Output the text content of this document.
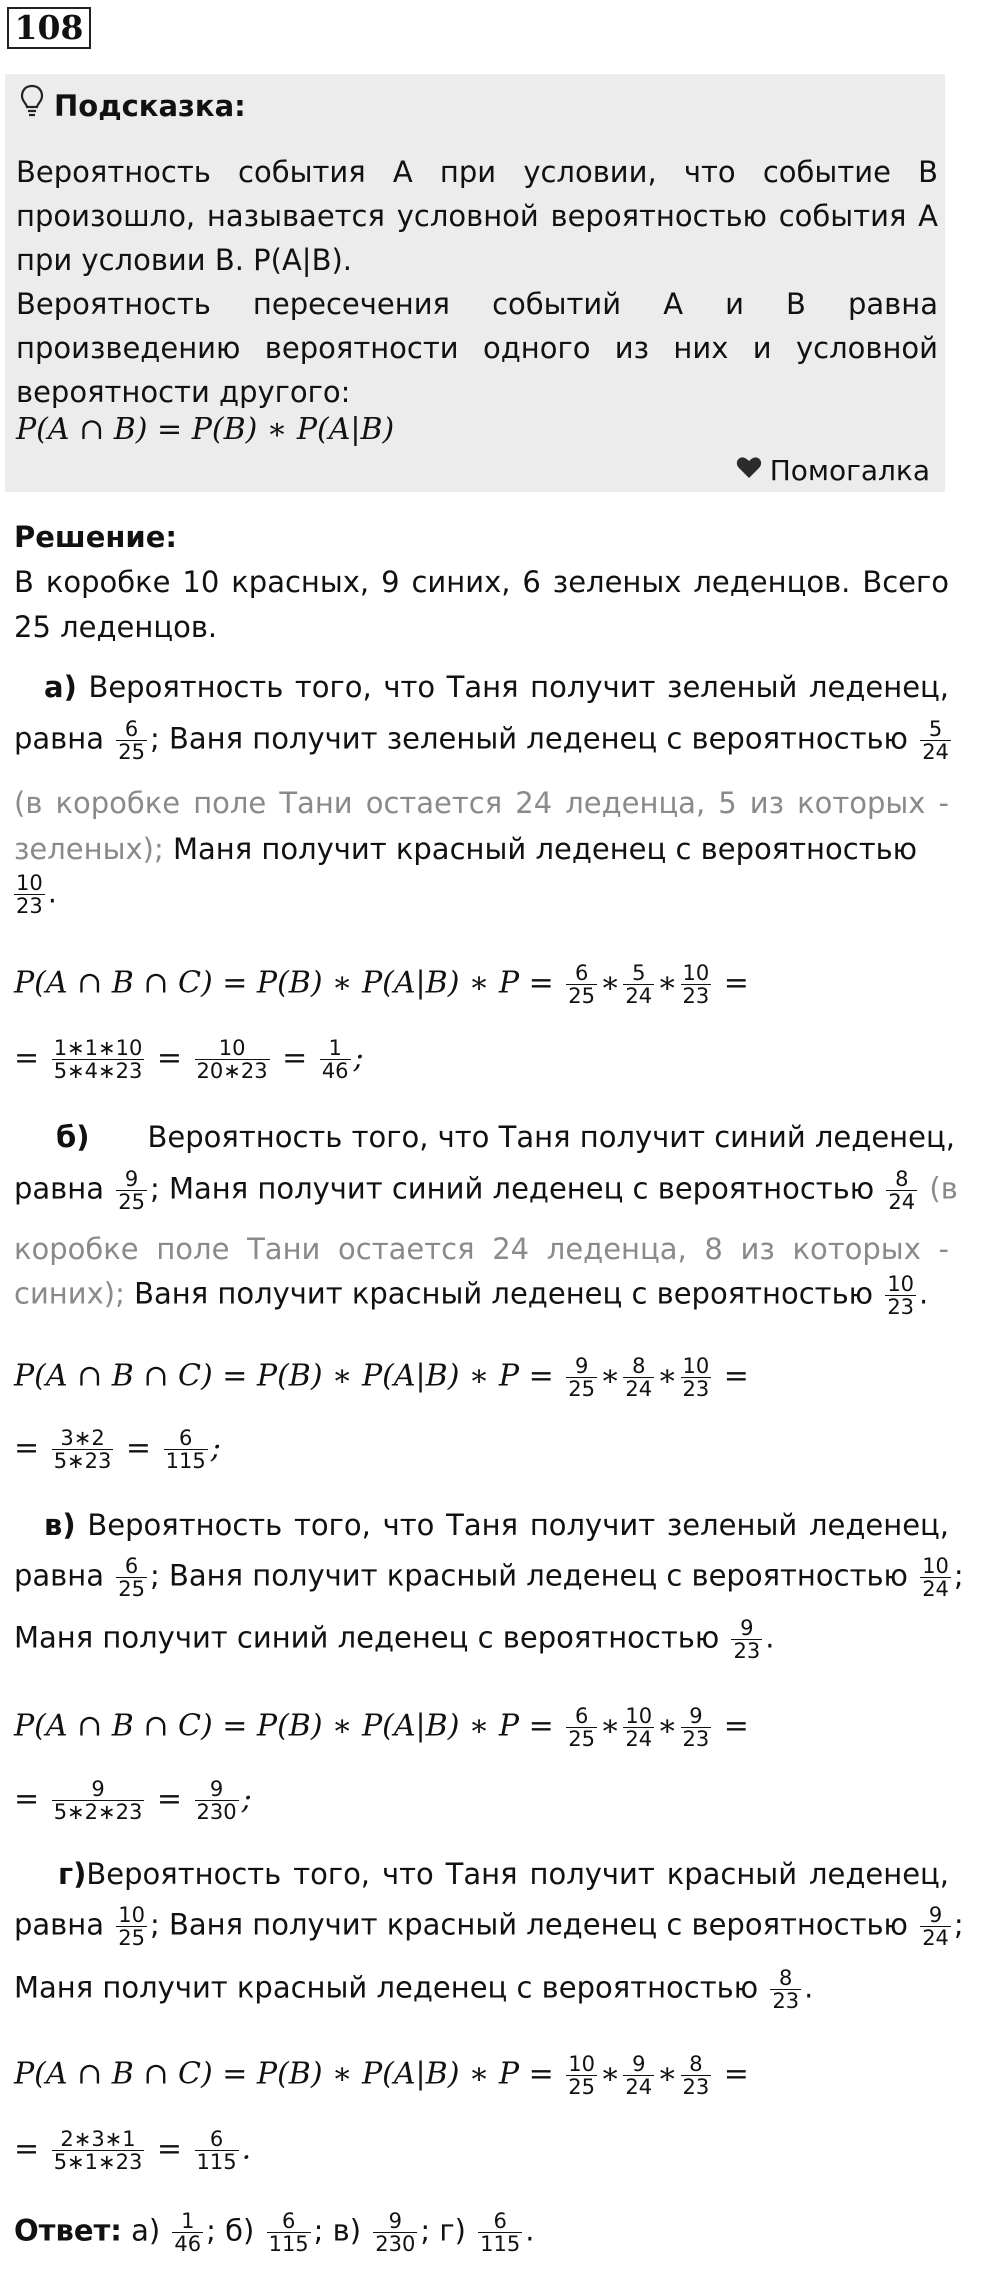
108
Подсказка:

Вероятность события А при условии, что событие В произошло, называется условной вероятностью события А при условии В. Р(А|В).

Вероятность пересечения событий А и В равна произведению вероятности одного из них и условной вероятности другого:

P(A ∩ B) = P(B) ∗ P(A|B)
Помогалка
Решение:
В коробке 10 красных, 9 синих, 6 зеленых леденцов. Всего
25 леденцов.
а) Вероятность того, что Таня получит зеленый леденец,
равна $\frac{6}{25}$ ; Ваня получит зеленый леденец с вероятностью $\frac{5}{24}$
(в коробке поле Тани остается 24 леденца, 5 из которых -
зеленых); Маня получит красный леденец с вероятностью
$\frac{10}{23}$ .
P(A ∩ B ∩ C) = P(B) ∗ P(A|B) ∗ $P = \frac{6}{25}$ ∗ $\frac{5}{24}$ ∗ $\frac{10}{23}$ =
= $\frac{1∗1∗10}{5∗4∗23} = \frac{10}{20∗23} = \frac{1}{46}$ ;
б) Вероятность того, что Таня получит синий леденец,
равна $\frac{9}{25}$ ; Маня получит синий леденец с вероятностью $\frac{8}{24} (в$
коробке поле Тани остается 24 леденца, 8 из которых -
синих); Ваня получит красный леденец с вероятностью $\frac{10}{23}$ .
P(A ∩ B ∩ C) = P(B) ∗ P(A|B) ∗ $P = \frac{9}{25}$ ∗ $\frac{8}{24}$ ∗ $\frac{10}{23}$ =
= $\frac{3∗2}{5∗23} = \frac{6}{115}$ ;
в) Вероятность того, что Таня получит зеленый леденец,
равна $\frac{6}{25}$ ; Ваня получит красный леденец с вероятностью $\frac{10}{24}$ ;
Маня получит синий леденец с вероятностью $\frac{9}{23}$ .
P(A ∩ B ∩ C) = P(B) ∗ P(A|B) ∗ $P = \frac{6}{25}$ ∗ $\frac{10}{24}$ ∗ $\frac{9}{23}$ =
= $\frac{9}{5∗2∗23} = \frac{9}{230}$ ;
г)Вероятность того, что Таня получит красный леденец,
равна $\frac{10}{25}$ ; Ваня получит красный леденец с вероятностью $\frac{9}{24}$ ;
Маня получит красный леденец с вероятностью $\frac{8}{23}$ .
P(A ∩ B ∩ C) = P(B) ∗ P(A|B) ∗ $P = \frac{10}{25}$ ∗ $\frac{9}{24}$ ∗ $\frac{8}{23}$ =
= $\frac{2∗3∗1}{5∗1∗23} = \frac{6}{115}$ .
Ответ: $а) \frac{1}{46}$ ; $б) \frac{6}{115}$ ; $в) \frac{9}{230}$ ; $г) \frac{6}{115}$ .
